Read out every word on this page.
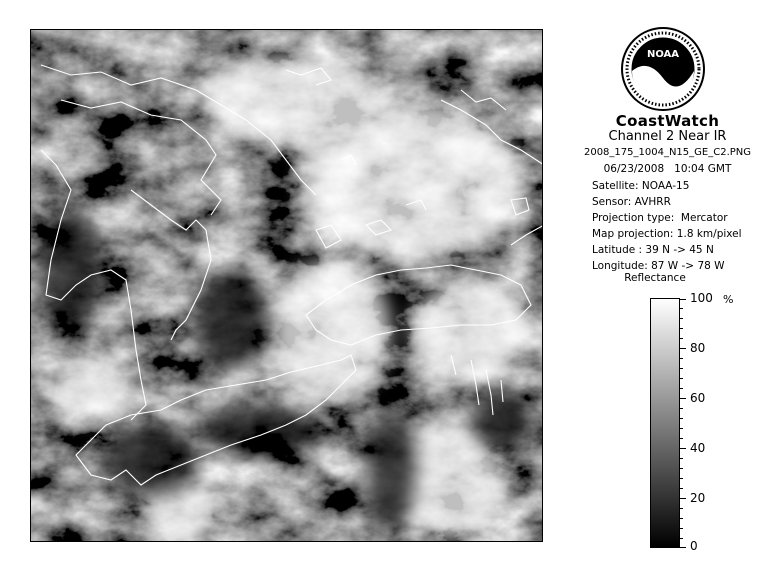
NOAA
CoastWatch
Channel 2 Near IR
2008_175_1004_N15_GE_C2.PNG
06/23/2008   10:04 GMT
Satellite: NOAA-15
Sensor: AVHRR
Projection type:  Mercator
Map projection: 1.8 km/pixel
Latitude : 39 N -> 45 N
Longitude: 87 W -> 78 W
Reflectance
%
100
80
60
40
20
0
